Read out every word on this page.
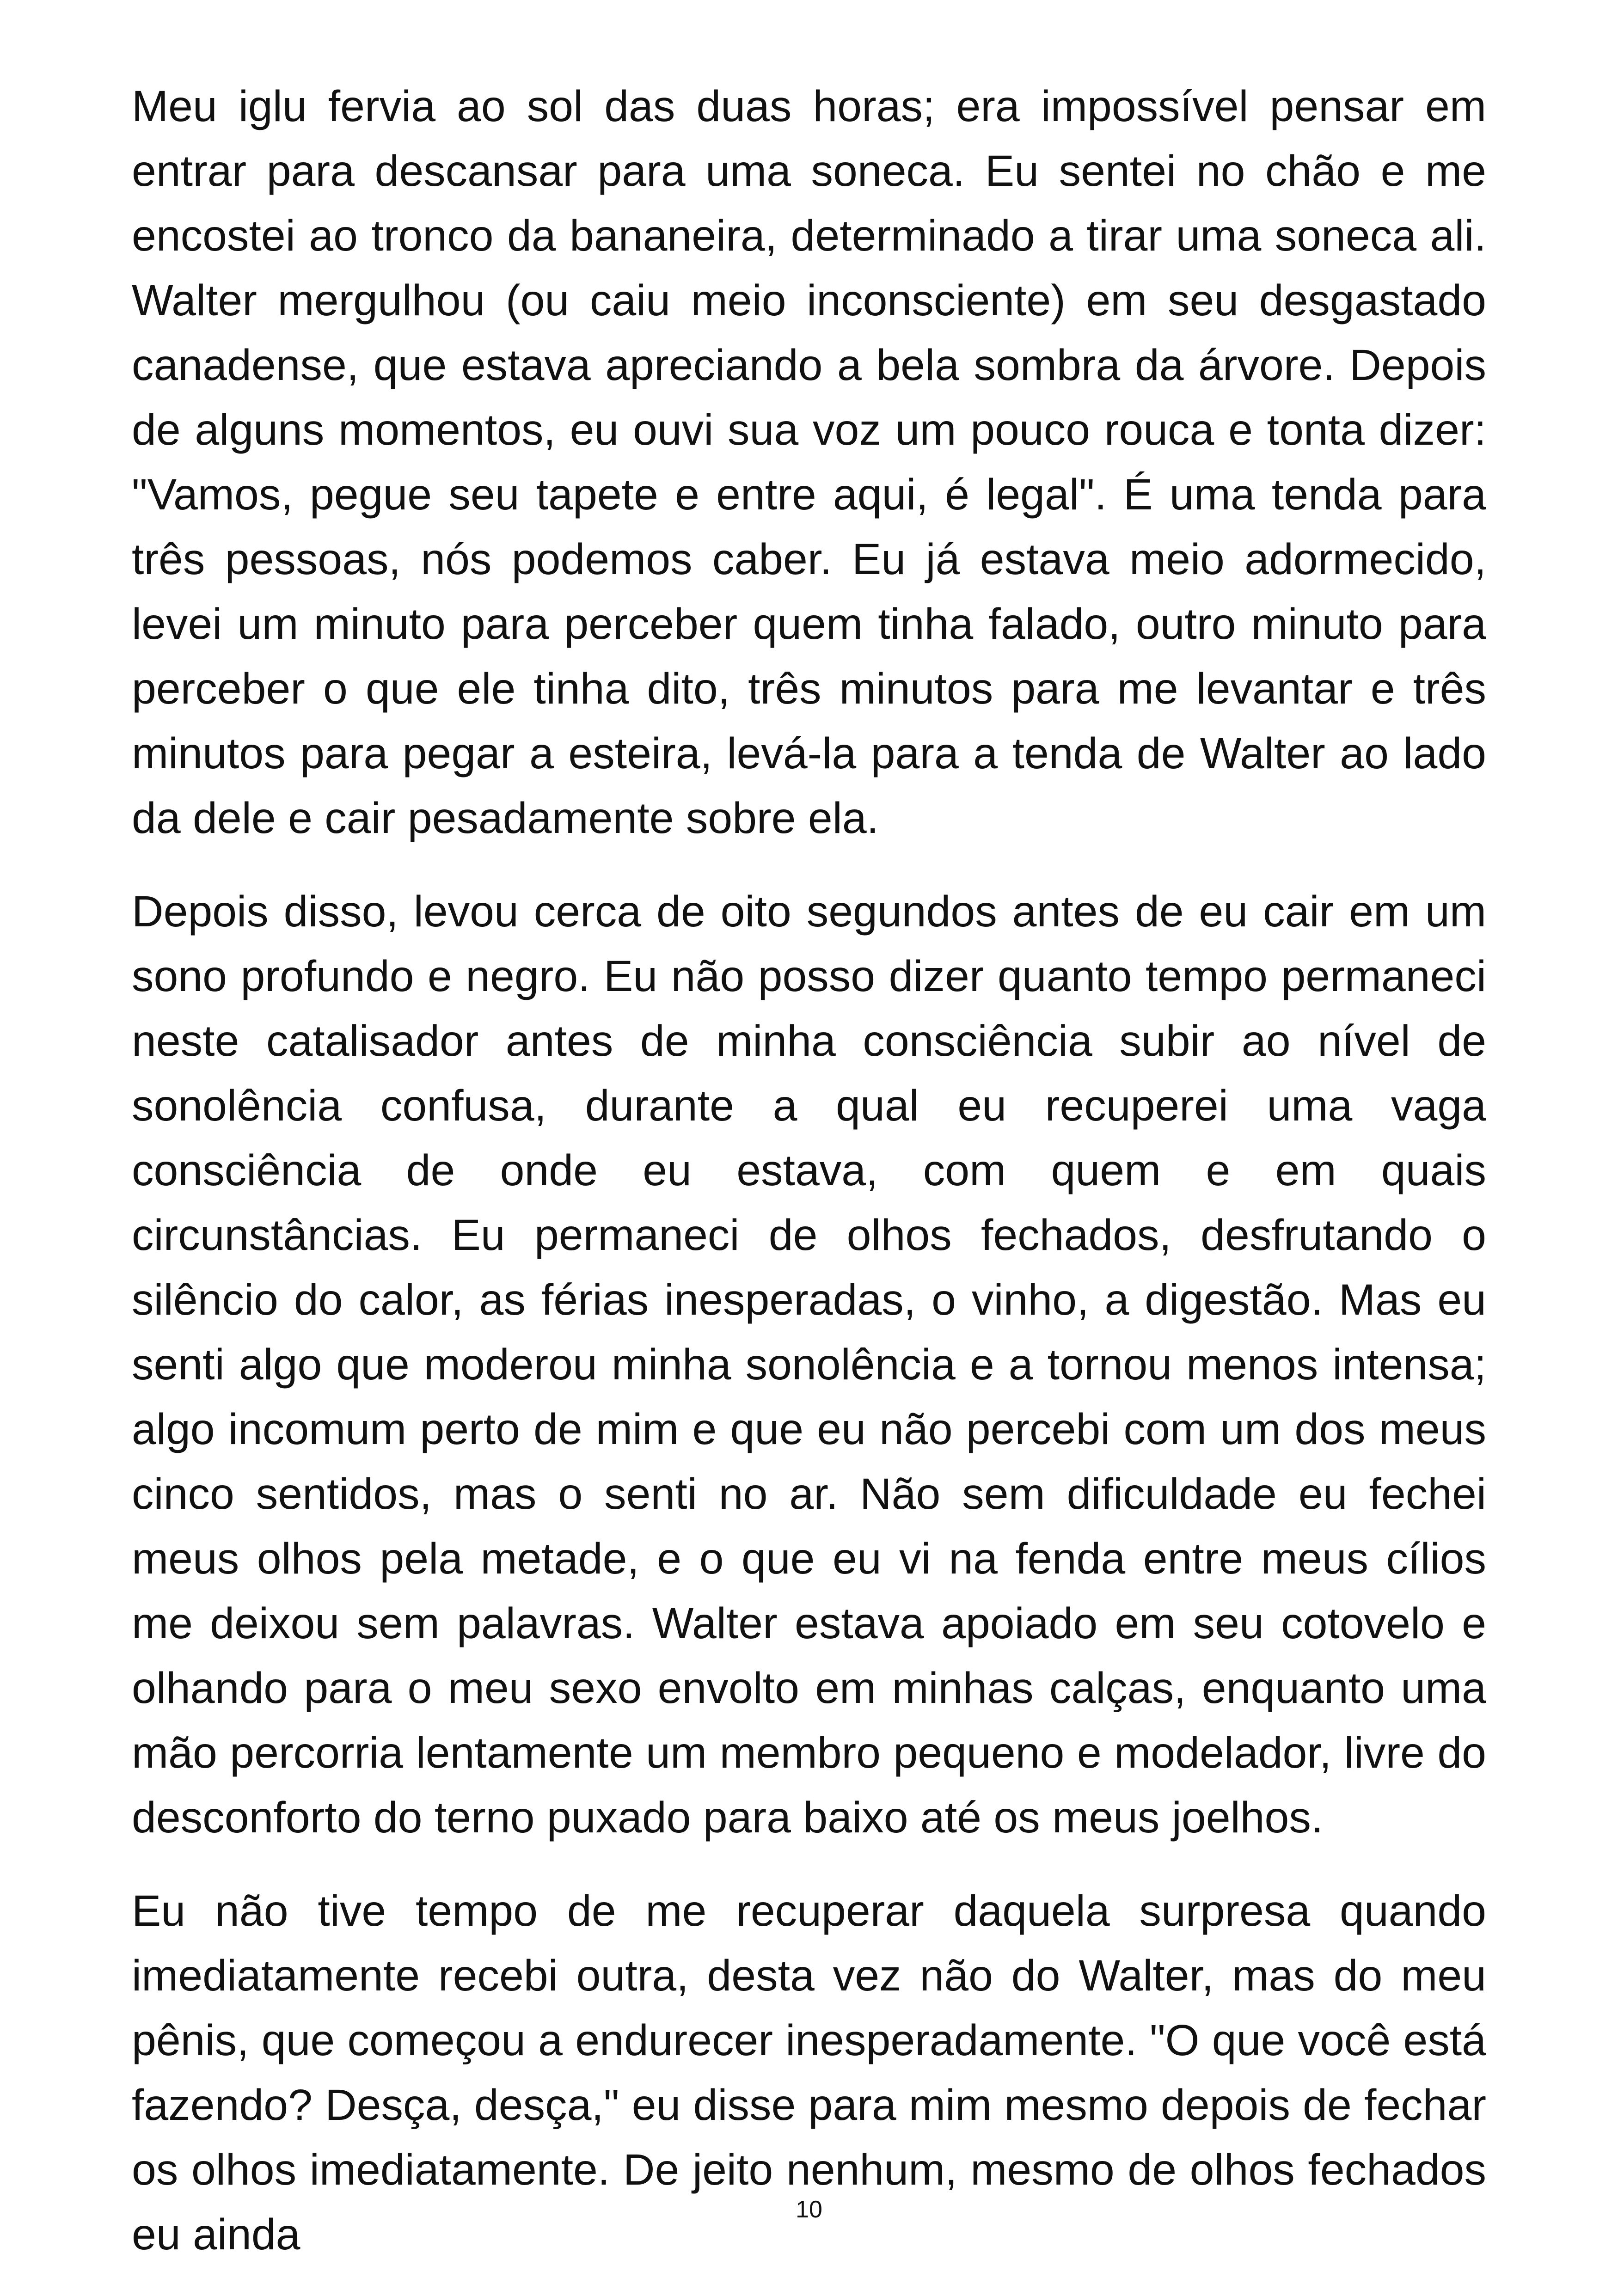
Meu iglu fervia ao sol das duas horas; era impossível pensar em entrar para descansar para uma soneca. Eu sentei no chão e me encostei ao tronco da bananeira, determinado a tirar uma soneca ali. Walter mergulhou (ou caiu meio inconsciente) em seu desgastado canadense, que estava apreciando a bela sombra da árvore. Depois de alguns momentos, eu ouvi sua voz um pouco rouca e tonta dizer: "Vamos, pegue seu tapete e entre aqui, é legal". É uma tenda para três pessoas, nós podemos caber. Eu já estava meio adormecido, levei um minuto para perceber quem tinha falado, outro minuto para perceber o que ele tinha dito, três minutos para me levantar e três minutos para pegar a esteira, levá-la para a tenda de Walter ao lado da dele e cair pesadamente sobre ela.

Depois disso, levou cerca de oito segundos antes de eu cair em um sono profundo e negro. Eu não posso dizer quanto tempo permaneci neste catalisador antes de minha consciência subir ao nível de sonolência confusa, durante a qual eu recuperei uma vaga consciência de onde eu estava, com quem e em quais circunstâncias. Eu permaneci de olhos fechados, desfrutando o silêncio do calor, as férias inesperadas, o vinho, a digestão. Mas eu senti algo que moderou minha sonolência e a tornou menos intensa; algo incomum perto de mim e que eu não percebi com um dos meus cinco sentidos, mas o senti no ar. Não sem dificuldade eu fechei meus olhos pela metade, e o que eu vi na fenda entre meus cílios me deixou sem palavras. Walter estava apoiado em seu cotovelo e olhando para o meu sexo envolto em minhas calças, enquanto uma mão percorria lentamente um membro pequeno e modelador, livre do desconforto do terno puxado para baixo até os meus joelhos.

Eu não tive tempo de me recuperar daquela surpresa quando imediatamente recebi outra, desta vez não do Walter, mas do meu pênis, que começou a endurecer inesperadamente. "O que você está fazendo? Desça, desça," eu disse para mim mesmo depois de fechar os olhos imediatamente. De jeito nenhum, mesmo de olhos fechados eu ainda

10
